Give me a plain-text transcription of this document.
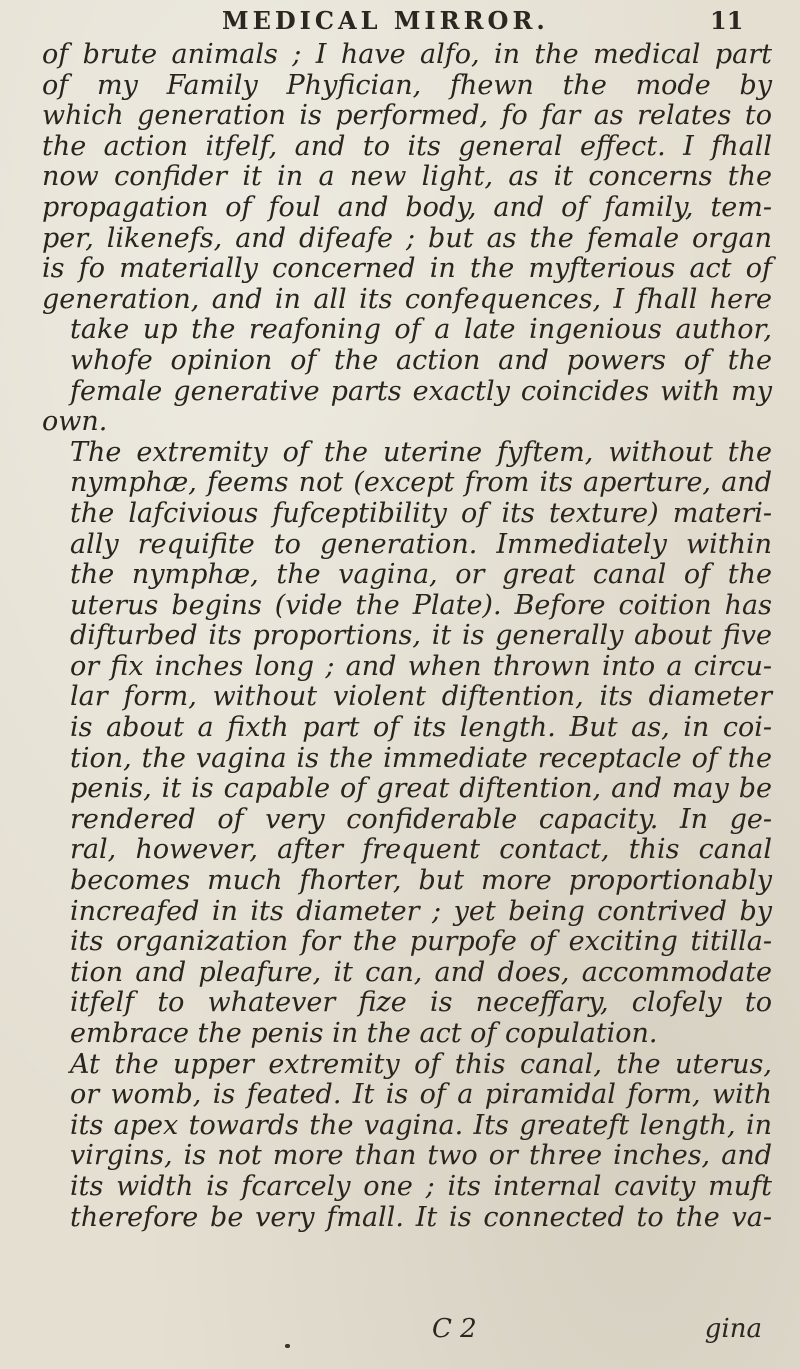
MEDICAL MIRROR.	11
of brute animals ; I have alfo, in the medical part
of my Family Phyfician, fhewn the mode by
which generation is performed, fo far as relates to
the action itfelf, and to its general effect. I fhall
now confider it in a new light, as it concerns the
propagation of foul and body, and of family, tem-
per, likenefs, and difeafe ; but as the female organ
is fo materially concerned in the myfterious act of
generation, and in all its confequences, I fhall here
take up the reafoning of a late ingenious author,
whofe opinion of the action and powers of the
female generative parts exactly coincides with my
own.
The extremity of the uterine fyftem, without the
nymphæ, feems not (except from its aperture, and
the lafcivious fufceptibility of its texture) materi-
ally requifite to generation. Immediately within
the nymphæ, the vagina, or great canal of the
uterus begins (vide the Plate). Before coition has
difturbed its proportions, it is generally about five
or fix inches long ; and when thrown into a circu-
lar form, without violent diftention, its diameter
is about a fixth part of its length. But as, in coi-
tion, the vagina is the immediate receptacle of the
penis, it is capable of great diftention, and may be
rendered of very confiderable capacity. In ge-
ral, however, after frequent contact, this canal
becomes much fhorter, but more proportionably
increafed in its diameter ; yet being contrived by
its organization for the purpofe of exciting titilla-
tion and pleafure, it can, and does, accommodate
itfelf to whatever fize is neceffary, clofely to
embrace the penis in the act of copulation.
At the upper extremity of this canal, the uterus,
or womb, is feated. It is of a piramidal form, with
its apex towards the vagina. Its greateft length, in
virgins, is not more than two or three inches, and
its width is fcarcely one ; its internal cavity muft
therefore be very fmall. It is connected to the va-
C 2	gina
